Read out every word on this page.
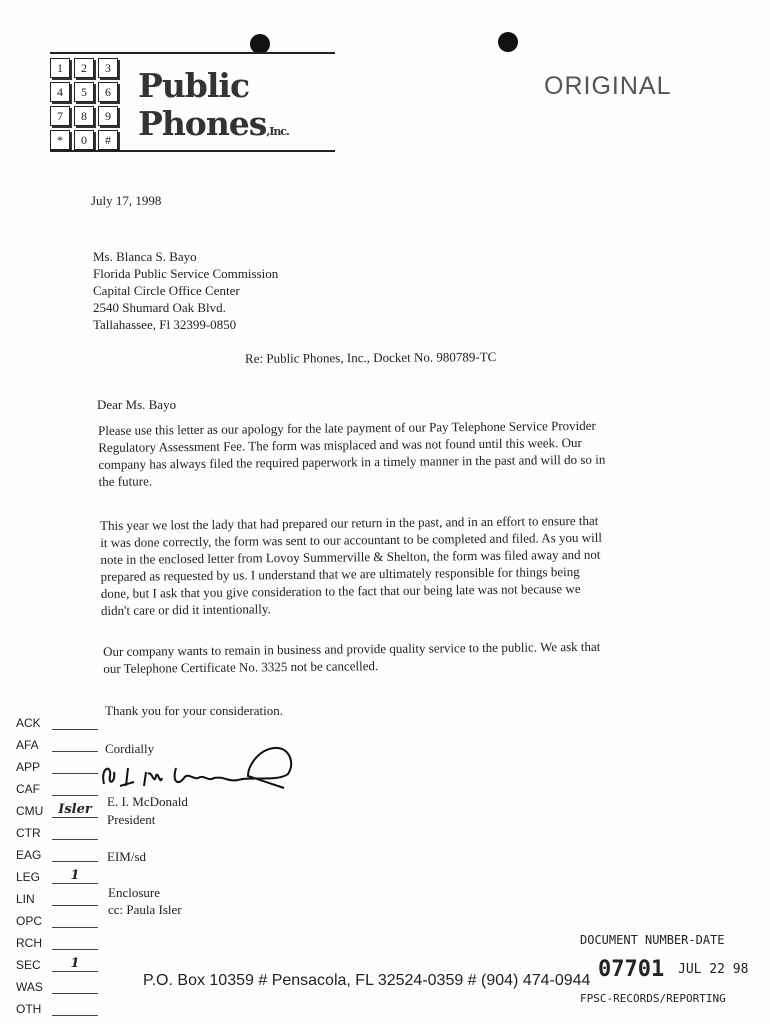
1	2	3
4	5	6
7	8	9
*	0	#
Public
Phones,Inc.
ORIGINAL
July 17, 1998
Ms. Blanca S. Bayo
Florida Public Service Commission
Capital Circle Office Center
2540 Shumard Oak Blvd.
Tallahassee, Fl 32399-0850
Re: Public Phones, Inc., Docket No. 980789-TC
Dear Ms. Bayo
Please use this letter as our apology for the late payment of our Pay Telephone Service Provider
Regulatory Assessment Fee. The form was misplaced and was not found until this week. Our
company has always filed the required paperwork in a timely manner in the past and will do so in
the future.
This year we lost the lady that had prepared our return in the past, and in an effort to ensure that
it was done correctly, the form was sent to our accountant to be completed and filed. As you will
note in the enclosed letter from Lovoy Summerville & Shelton, the form was filed away and not
prepared as requested by us. I understand that we are ultimately responsible for things being
done, but I ask that you give consideration to the fact that our being late was not because we
didn't care or did it intentionally.
Our company wants to remain in business and provide quality service to the public. We ask that
our Telephone Certificate No. 3325 not be cancelled.
Thank you for your consideration.
Cordially
E. I. McDonald
President
EIM/sd
Enclosure
cc: Paula Isler
ACK
AFA
APP
CAF
CMU	Isler
CTR
EAG
LEG	1
LIN
OPC
RCH
SEC	1
WAS
OTH
P.O. Box 10359 # Pensacola, FL 32524-0359 # (904) 474-0944
DOCUMENT NUMBER-DATE
07701 JUL 22 98
FPSC-RECORDS/REPORTING
